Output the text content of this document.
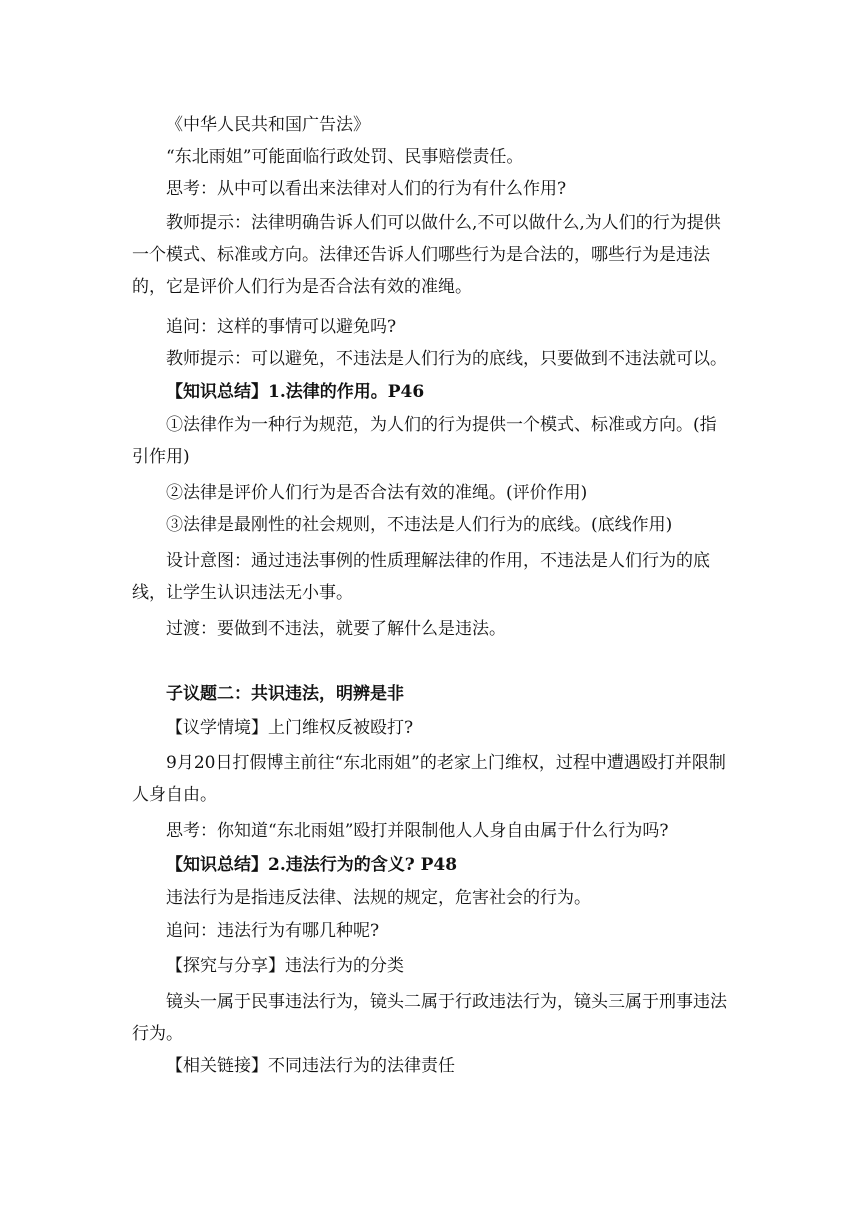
《中华人民共和国广告法》

“东北雨姐”可能面临行政处罚、民事赔偿责任。

思考：从中可以看出来法律对人们的行为有什么作用?

教师提示：法律明确告诉人们可以做什么,不可以做什么,为人们的行为提供一个模式、标准或方向。法律还告诉人们哪些行为是合法的，哪些行为是违法的，它是评价人们行为是否合法有效的准绳。

追问：这样的事情可以避免吗?

教师提示：可以避免，不违法是人们行为的底线，只要做到不违法就可以。

【知识总结】1.法律的作用。P46

①法律作为一种行为规范，为人们的行为提供一个模式、标准或方向。(指引作用)

②法律是评价人们行为是否合法有效的准绳。(评价作用)

③法律是最刚性的社会规则，不违法是人们行为的底线。(底线作用)

设计意图：通过违法事例的性质理解法律的作用，不违法是人们行为的底线，让学生认识违法无小事。

过渡：要做到不违法，就要了解什么是违法。

子议题二：共识违法，明辨是非

【议学情境】上门维权反被殴打?

9月20日打假博主前往“东北雨姐”的老家上门维权，过程中遭遇殴打并限制人身自由。

思考：你知道“东北雨姐”殴打并限制他人人身自由属于什么行为吗?

【知识总结】2.违法行为的含义? P48

违法行为是指违反法律、法规的规定，危害社会的行为。

追问：违法行为有哪几种呢?

【探究与分享】违法行为的分类

镜头一属于民事违法行为，镜头二属于行政违法行为，镜头三属于刑事违法行为。

【相关链接】不同违法行为的法律责任
